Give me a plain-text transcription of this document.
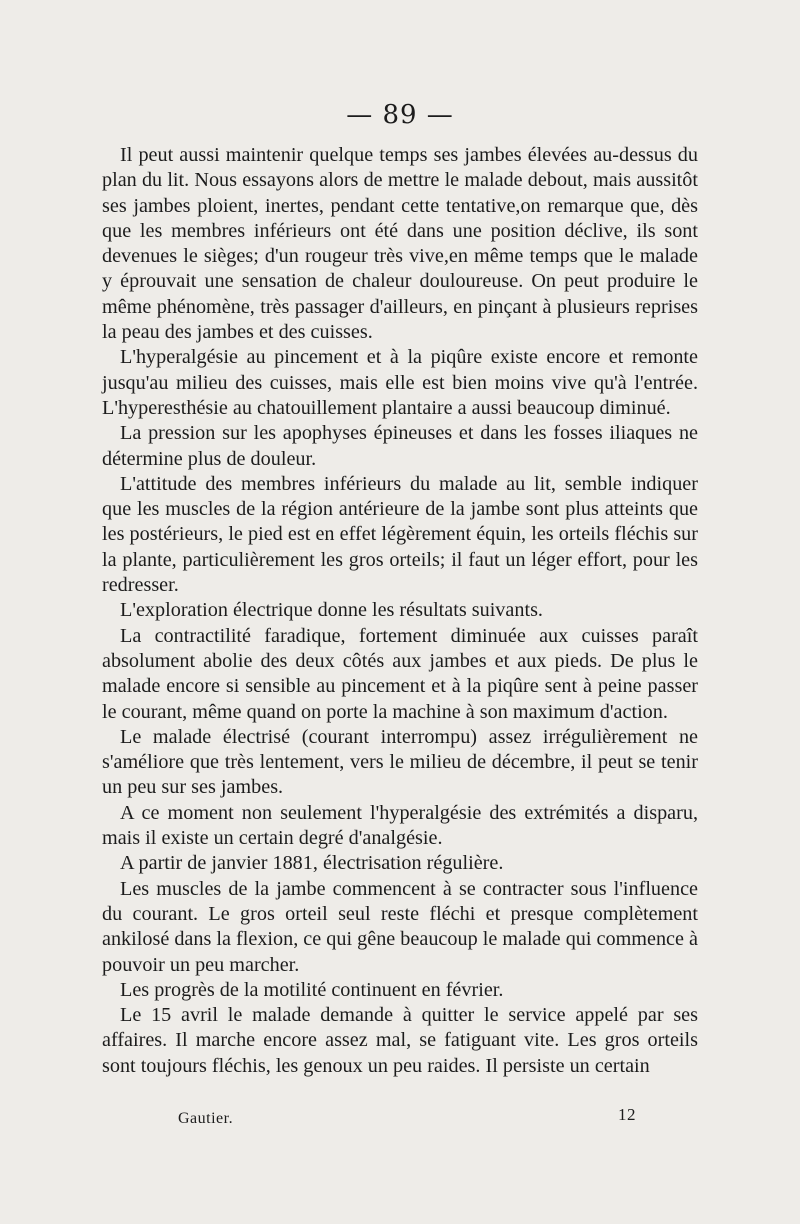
— 89 —

Il peut aussi maintenir quelque temps ses jambes élevées au-dessus du plan du lit. Nous essayons alors de mettre le malade debout, mais aussitôt ses jambes ploient, inertes, pendant cette tentative,on remarque que, dès que les membres inférieurs ont été dans une position déclive, ils sont devenues le sièges; d'un rougeur très vive,en même temps que le malade y éprouvait une sensation de chaleur douloureuse. On peut produire le même phénomène, très passager d'ailleurs, en pinçant à plusieurs reprises la peau des jambes et des cuisses.

L'hyperalgésie au pincement et à la piqûre existe encore et remonte jusqu'au milieu des cuisses, mais elle est bien moins vive qu'à l'entrée. L'hyperesthésie au chatouillement plantaire a aussi beaucoup diminué.

La pression sur les apophyses épineuses et dans les fosses iliaques ne détermine plus de douleur.

L'attitude des membres inférieurs du malade au lit, semble indiquer que les muscles de la région antérieure de la jambe sont plus atteints que les postérieurs, le pied est en effet légèrement équin, les orteils fléchis sur la plante, particulièrement les gros orteils; il faut un léger effort, pour les redresser.

L'exploration électrique donne les résultats suivants.

La contractilité faradique, fortement diminuée aux cuisses paraît absolument abolie des deux côtés aux jambes et aux pieds. De plus le malade encore si sensible au pincement et à la piqûre sent à peine passer le courant, même quand on porte la machine à son maximum d'action.

Le malade électrisé (courant interrompu) assez irrégulièrement ne s'améliore que très lentement, vers le milieu de décembre, il peut se tenir un peu sur ses jambes.

A ce moment non seulement l'hyperalgésie des extrémités a disparu, mais il existe un certain degré d'analgésie.

A partir de janvier 1881, électrisation régulière.

Les muscles de la jambe commencent à se contracter sous l'influence du courant. Le gros orteil seul reste fléchi et presque complètement ankilosé dans la flexion, ce qui gêne beaucoup le malade qui commence à pouvoir un peu marcher.

Les progrès de la motilité continuent en février.

Le 15 avril le malade demande à quitter le service appelé par ses affaires. Il marche encore assez mal, se fatiguant vite. Les gros orteils sont toujours fléchis, les genoux un peu raides. Il persiste un certain

Gautier.	12
